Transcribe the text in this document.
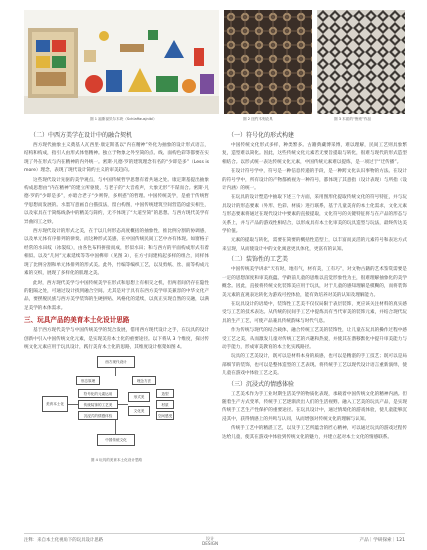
图 1 福斯禄贝尔木块（Schlaffausjnibl）	图 2 纽约木刻农具	图 3 木质的“鲁班”作品
（二）中西方美学在设计中的融合契机

西方现代抽象主义奠基人瓦西里·康定斯基以“内在精神”外化为抽象的设计形式语言，结构和构成，指引人由形式体悟精神。独立于物象之外至简的点、线、面构色彩等都要在实现了外在形式与内在精神的内外统一。密斯·凡德·罗的建筑理念有名的“少即是多”（Less is more）理念，表现了现代设计简约主义的审美趋向。

这些现代设计先驱的美学观点，与中国传统哲学思想有着共通之处。康定斯基提出抽象构成思想由“内在精神”的建立所驱使，与老子的“大音希声，大象无形”不谋而合。密斯·凡德·罗的“少即是多”，亦暗合老子“少则得，多则惑”的哲理。中国传统美学，是重于传统哲学思想而发展的。水墨写意画自白描技法，留白构图，中国传统建筑空间营造的虚实相生，以及家具在于简练线条中的精美与简约，无不体现了“大道至简”的思想。与西方现代美学有异曲同工之妙。

西方现代设计的形式之美，在于以几何形态高度概括的抽象性，推比例分割的协调感，以及单元体有序排列的律奏。而这种形式美感，在中国传统民间工艺中亦有体现。如窗格子经常的水田纹（冰裂纹），由各色布料拼接而成，形似水田；和与西方的平面构成形式有着相似。以及“几何”元素延续等等中国榫卯（见图 3），在方寸间建构起多样的组合，同样体现了比例分割和单元体排列的形式美。此外，竹编等编织工艺，以及剪纸、丝、面等构成元素的交织，展现了多样化的肌理之美。

此时，西方现代美学与中国传统美学在形式和思想上有相交之机，但两者间仍存在隐性的阻隔之处，可通过设计找到融合空间。尤其是对于具有东西方美学审美兼容的中华文化产品，要摆脱民族与西方美学装饰的生硬拼贴、风格化的延续，以真正实现自然的交融，以满足美学的本体需求。

三、玩具产品的美育本土化设计思路

基于西方现代美学与中国传统美学的契合发展，借用西方现代设计之手，在玩具的设计创新中引入中国传统文化元素，是实现美育本土化的重要途径。以下将从 3 个维度，探讨传统文化元素应用于玩具设计，践行美育本土化的思路，其维度设计框架如图 4。

西方现代设计
形态原理	理念方法
美育本土化
符号化的元素运用
传统装饰的工艺美
沉浸式的情感体验
形式美
文化美
造型
材质
空间感受
中国传统文化
图 4 玩具的美育本土化设计思路
（一）符号化的形式构建

中国传统文化形式多样，种类繁多。古籍典藏博采博，难以理解，民间工艺则具象繁复，造型难以简化。因此，这些传统文化元素若无要旨提取与转化，很难与现代的形式造型相结合。以形式统一表达传统文化元素，中国传统元素难以提炼，是一项过于“迁传播”。

在设计符号学中，符号是一种信息传递的手段，是一种跨文化认识事物的方法。在设计的符号学中，所有设计的产物都被视为一种符号，都体现了其意指（设计表现）与所指（设计内涵）的统一。

在玩具的设计塑造中抽取下述三个方面，采用图形化提取传统文化的符号特征，并与玩具设计的形态要素（外形、色彩、材质）进行联系，基于儿童美育的本土化需求，文化元素与形态要素将通过在现代设计中要素的直接提取，文化符号的关键特征将与在产品的形态与关系上，并与产品的游戏性相结合，以形成具有本土化审美的玩具造型与玩法，最终传达美学价值。

元素的提取与转化，需要在简要的概括性造型上，以丰富而灵活的元素符号和表达方式来呈现，从而使设计中的文化寓意更具体化，更富有的认知。

（二）装饰性的工艺美

中国传统美学讲求“天有时，地有气，材有美，工有巧”，对文物古籍的艺术鉴赏需要是一定的思想深度和审美底蕴。学龄前儿童的思维以直觉形象性为主，很难理解抽象化的美学概念。因此，直接将传统文化装饰美应用于玩具，对于儿童的感知理解是模糊的，而将装饰美元素的直观表达转化为游戏可控体验，能有效培养对美的认知及理解能力。

在玩具设计的语境中，装饰性工艺美不仅仅局限于表层装饰，更应该关注材料的真实感受与工艺的技术表达。从传统的民间手工艺中提炼具有当代审美的装饰元素，并结合现代玩具的生产工艺，可使产品兼具传统韵味与时代气息。

作为传统与现代的结合载体，融合传统工艺美的装饰性，让儿童在玩具的操作过程中感受工艺之美，从而激发儿童对传统工艺的兴趣和热爱，并使其在潜移默化中提升审美能力与动手能力，形成审美教育的本土化实践路径。

玩具的工艺美设计，既可以是材料本身的质感，也可以是精湛的手工技艺；既可以是局部细节的装饰，也可以是整体造型的工艺表现。将传统手工艺以现代设计语言重新演绎，使儿童在游戏中体验工艺之美。

（三）沉浸式的情感体验

工艺美术作为手工业时期生活美学的物质化表现，承载着中国传统文化的精神内涵。但随着生产方式变革，传统手工艺逐渐淡出人们的生活视野。融入工艺美的玩具产品，是实现传统手工艺生产性保护的重要途径。在玩具设计中，通过情境化的游戏体验，使儿童能够沉浸其中，获得情感上的共鸣与认同，从而增强对传统文化的理解与认知。

传统手工艺中的精湛工艺，以及手工艺所蕴含的匠心精神，可以通过玩具的游戏过程传达给儿童，使其在游戏中体验到传统文化的魅力，并建立起对本土文化的情感联系。

注释：来自本土化视角下的玩具设计思路	设计
DESIGN
产品｜学研探索｜121
